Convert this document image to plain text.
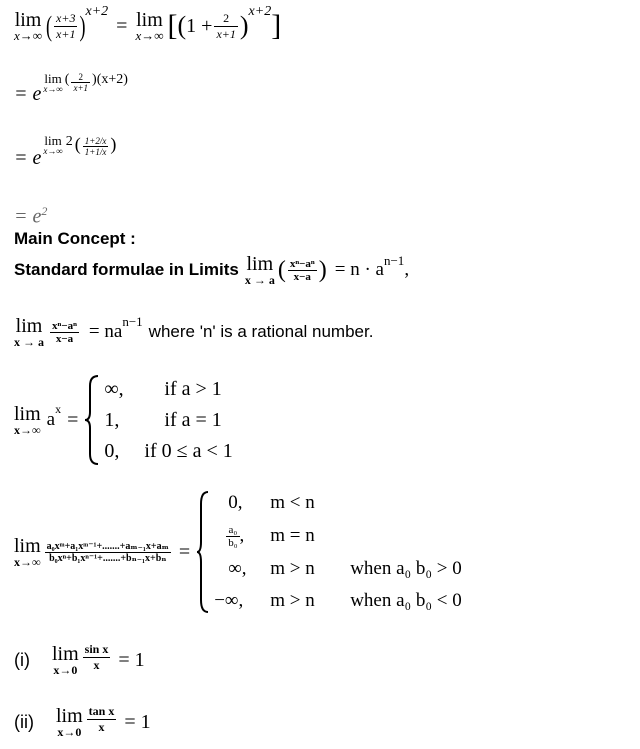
lim
x→∞ ( $\frac{x+3}{x+1}$ ) x+2
= lim
x→∞ [ ( $1 + \frac{2}{x+1}$ ) x+2 ]
= e
lim
x→∞
( $\frac{2}{x+1}$ ) (x+2)
= e
lim
x→∞
2 ( $\frac{1+2/x}{1+1/x}$ )
= $e^2$
Main Concept :
Standard formulae in Limits lim
x → a ( $\frac{\text{xⁿ−aⁿ}}{x-a}$ ) = $n \cdot a^{n-1}$ ,
lim
x → a $\frac{\text{xⁿ−aⁿ}}{x-a} = na^{n-1}$
where 'n' is a rational number.
lim
x→∞ $a^x$ =
∞,	if a > 1
1,	if a = 1
0,	if 0 ≤ a < 1
lim
$x\to\infty \frac{\text{a₀xᵐ+a₁xᵐ⁻¹+.......+aₘ₋₁x+aₘ}}{\text{b₀xⁿ+b₁xⁿ⁻¹+.......+bₙ₋₁x+bₙ}}$ =
0,	m < n
$\frac{\text{a₀}}{\text{b₀}}$ ,	m = n
∞,	m > n	when a₀ b₀ > 0
−∞,	m > n	when a₀ b₀ < 0
(i)	lim
$x\to 0 \frac{\text{sin x}}{x} = 1$
(ii)	lim
$x\to 0 \frac{\text{tan x}}{x} = 1$
